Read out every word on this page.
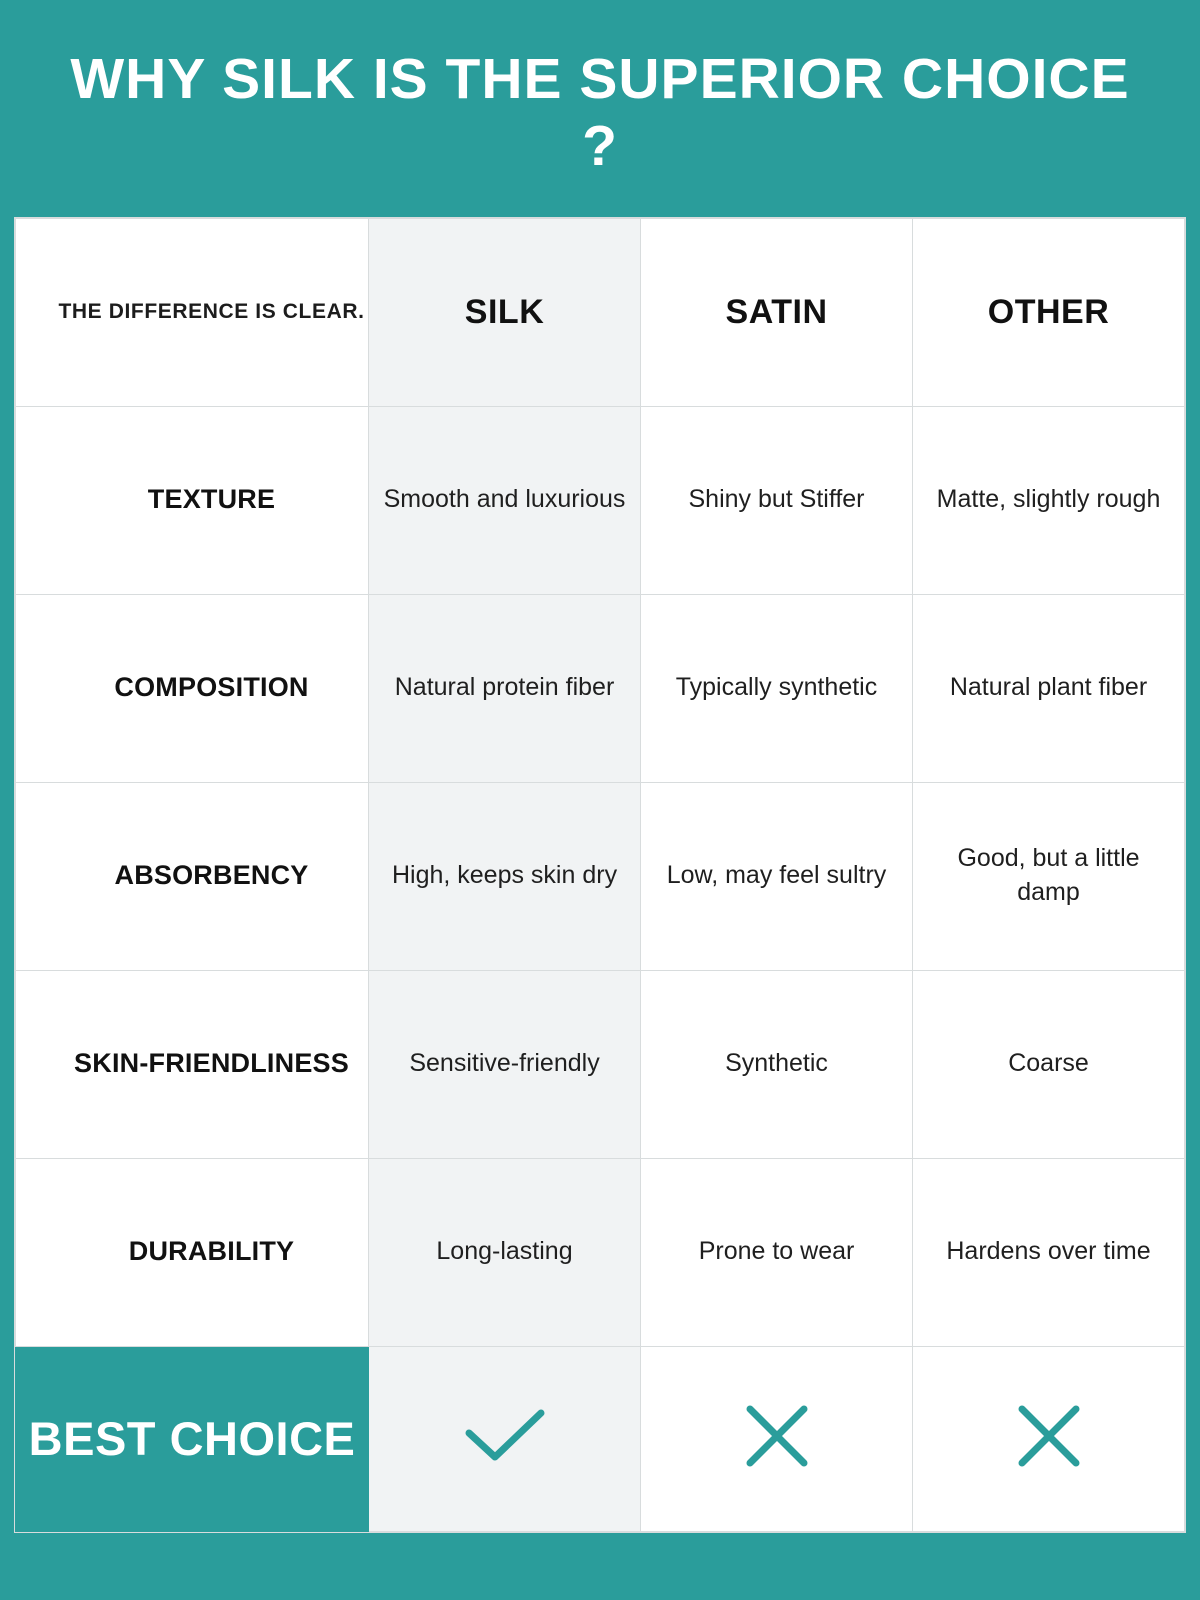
WHY SILK IS THE SUPERIOR CHOICE ?
THE DIFFERENCE IS CLEAR.	SILK	SATIN	OTHER
TEXTURE	Smooth and luxurious	Shiny but Stiffer	Matte, slightly rough
COMPOSITION	Natural protein fiber	Typically synthetic	Natural plant fiber
ABSORBENCY	High, keeps skin dry	Low, may feel sultry	Good, but a little damp
SKIN-FRIENDLINESS	Sensitive-friendly	Synthetic	Coarse
DURABILITY	Long-lasting	Prone to wear	Hardens over time
BEST CHOICE	
